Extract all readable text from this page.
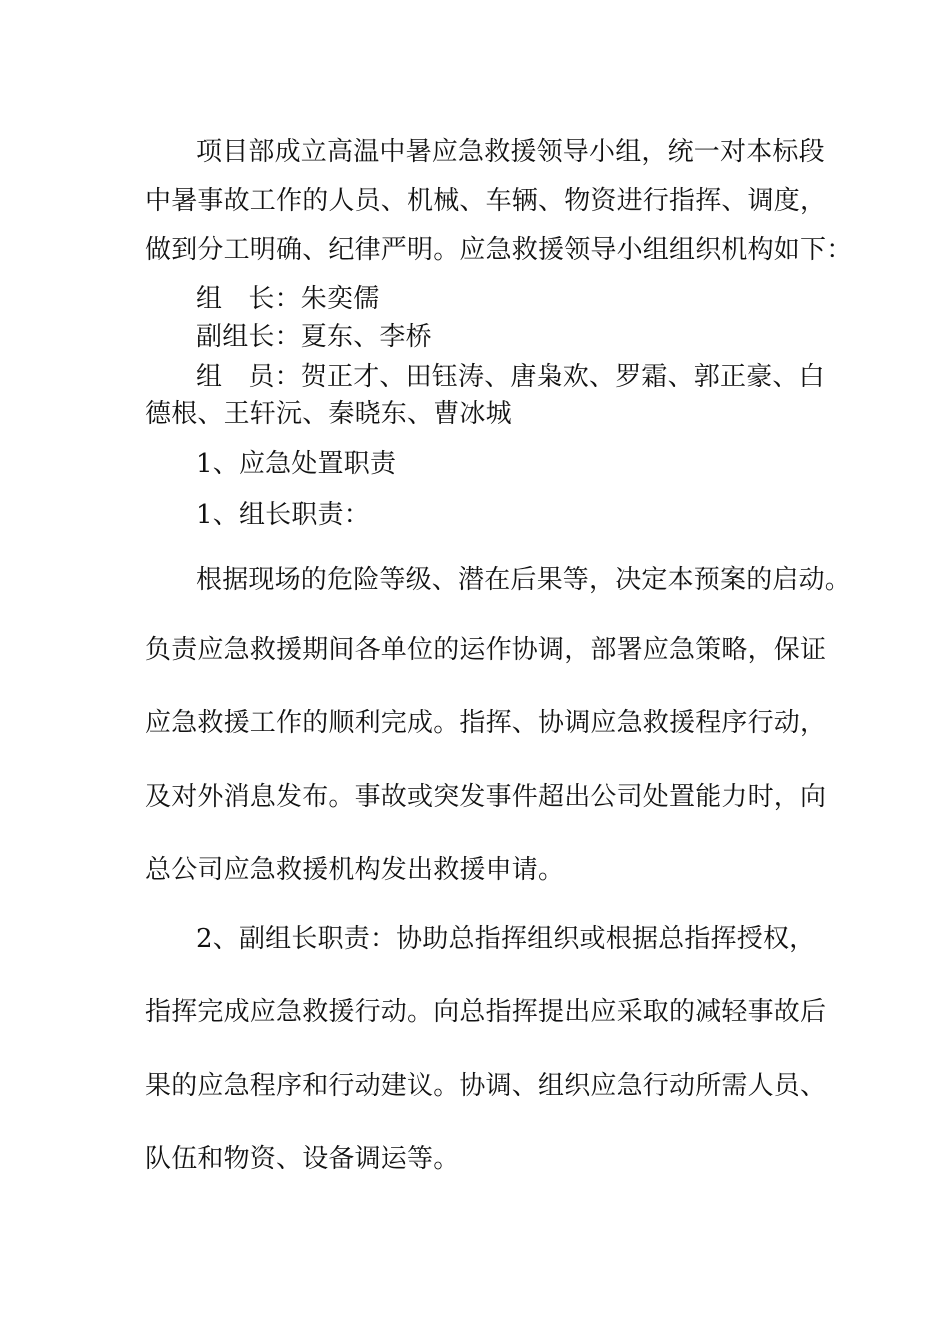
项目部成立高温中暑应急救援领导小组，统一对本标段
中暑事故工作的人员、机械、车辆、物资进行指挥、调度，
做到分工明确、纪律严明。应急救援领导小组组织机构如下：
组　长：朱奕儒
副组长：夏东、李桥
组　员：贺正才、田钰涛、唐枭欢、罗霜、郭正豪、白
德根、王轩沅、秦晓东、曹冰城
1、应急处置职责
1、组长职责：
根据现场的危险等级、潜在后果等，决定本预案的启动。
负责应急救援期间各单位的运作协调，部署应急策略，保证
应急救援工作的顺利完成。指挥、协调应急救援程序行动，
及对外消息发布。事故或突发事件超出公司处置能力时，向
总公司应急救援机构发出救援申请。
2、副组长职责：协助总指挥组织或根据总指挥授权，
指挥完成应急救援行动。向总指挥提出应采取的减轻事故后
果的应急程序和行动建议。协调、组织应急行动所需人员、
队伍和物资、设备调运等。
